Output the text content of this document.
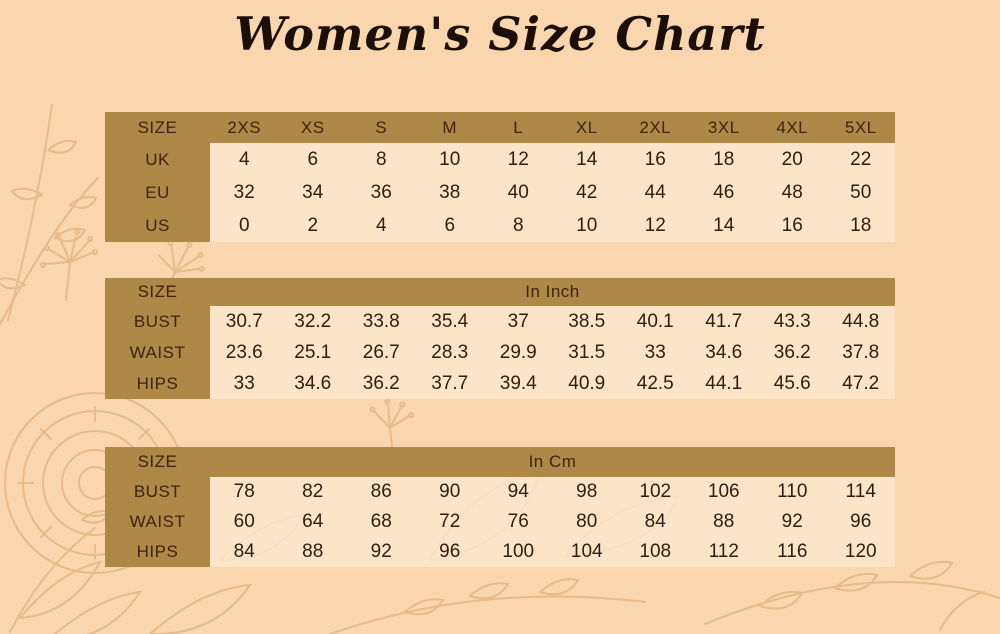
Women's Size Chart
SIZE	2XS	XS	S	M	L	XL	2XL	3XL	4XL	5XL
UK	4	6	8	10	12	14	16	18	20	22
EU	32	34	36	38	40	42	44	46	48	50
US	0	2	4	6	8	10	12	14	16	18
SIZE	In Inch
BUST	30.7	32.2	33.8	35.4	37	38.5	40.1	41.7	43.3	44.8
WAIST	23.6	25.1	26.7	28.3	29.9	31.5	33	34.6	36.2	37.8
HIPS	33	34.6	36.2	37.7	39.4	40.9	42.5	44.1	45.6	47.2
SIZE	In Cm
BUST	78	82	86	90	94	98	102	106	110	114
WAIST	60	64	68	72	76	80	84	88	92	96
HIPS	84	88	92	96	100	104	108	112	116	120
